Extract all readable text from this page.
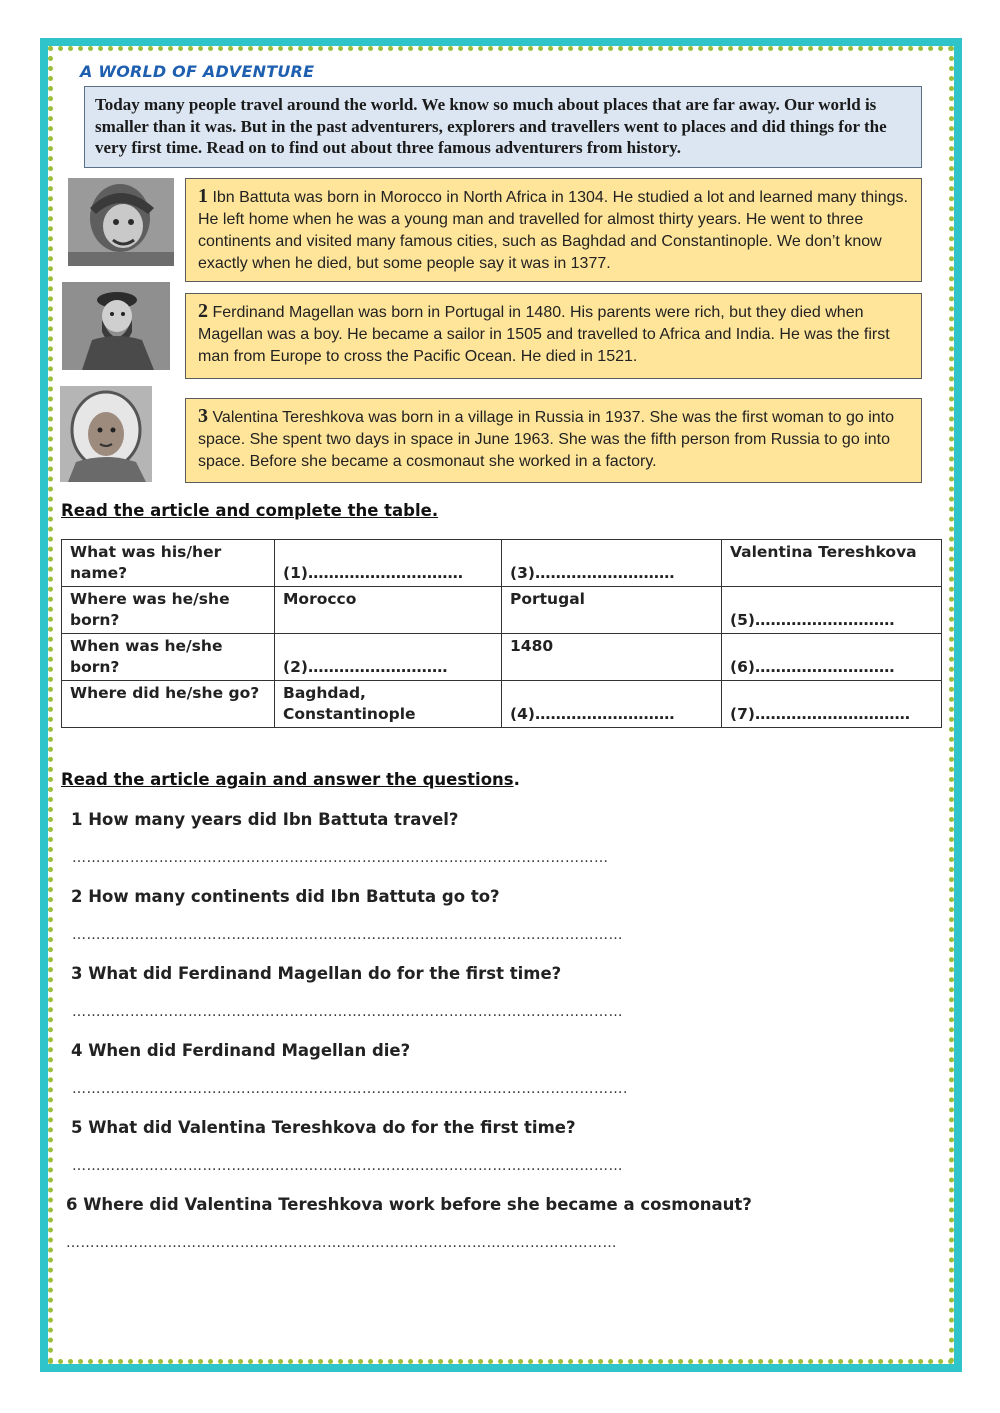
A WORLD OF ADVENTURE
Today many people travel around the world. We know so much about places that are far away. Our world is smaller than it was. But in the past adventurers, explorers and travellers went to places and did things for the very first time. Read on to find out about three famous adventurers from history.
1 Ibn Battuta was born in Morocco in North Africa in 1304. He studied a lot and learned many things. He left home when he was a young man and travelled for almost thirty years. He went to three continents and visited many famous cities, such as Baghdad and Constantinople. We don’t know exactly when he died, but some people say it was in 1377.
2 Ferdinand Magellan was born in Portugal in 1480. His parents were rich, but they died when Magellan was a boy. He became a sailor in 1505 and travelled to Africa and India. He was the first man from Europe to cross the Pacific Ocean. He died in 1521.
3 Valentina Tereshkova was born in a village in Russia in 1937. She was the first woman to go into space. She spent two days in space in June 1963. She was the fifth person from Russia to go into space. Before she became a cosmonaut she worked in a factory.
Read the article and complete the table.
What was his/her name?	(1)…………………………	(3)………………………	Valentina Tereshkova
Where was he/she born?	Morocco	Portugal	(5)………………………

When was he/she born?	(2)………………………	1480	(6)………………………

Where did he/she go?	Baghdad, Constantinople	(4)………………………	(7)…………………………
Read the article again and answer the questions.
1 How many years did Ibn Battuta travel?
…………………………………………………………………………………………………
2 How many continents did Ibn Battuta go to?
……………………………………………………………………………………………………
3 What did Ferdinand Magellan do for the first time?
……………………………………………………………………………………………………
4 When did Ferdinand Magellan die?
…………………………………………………………………………………………………….
5 What did Valentina Tereshkova do for the first time?
……………………………………………………………………………………………………
6 Where did Valentina Tereshkova work before she became a cosmonaut?
……………………………………………………………………………………………………
